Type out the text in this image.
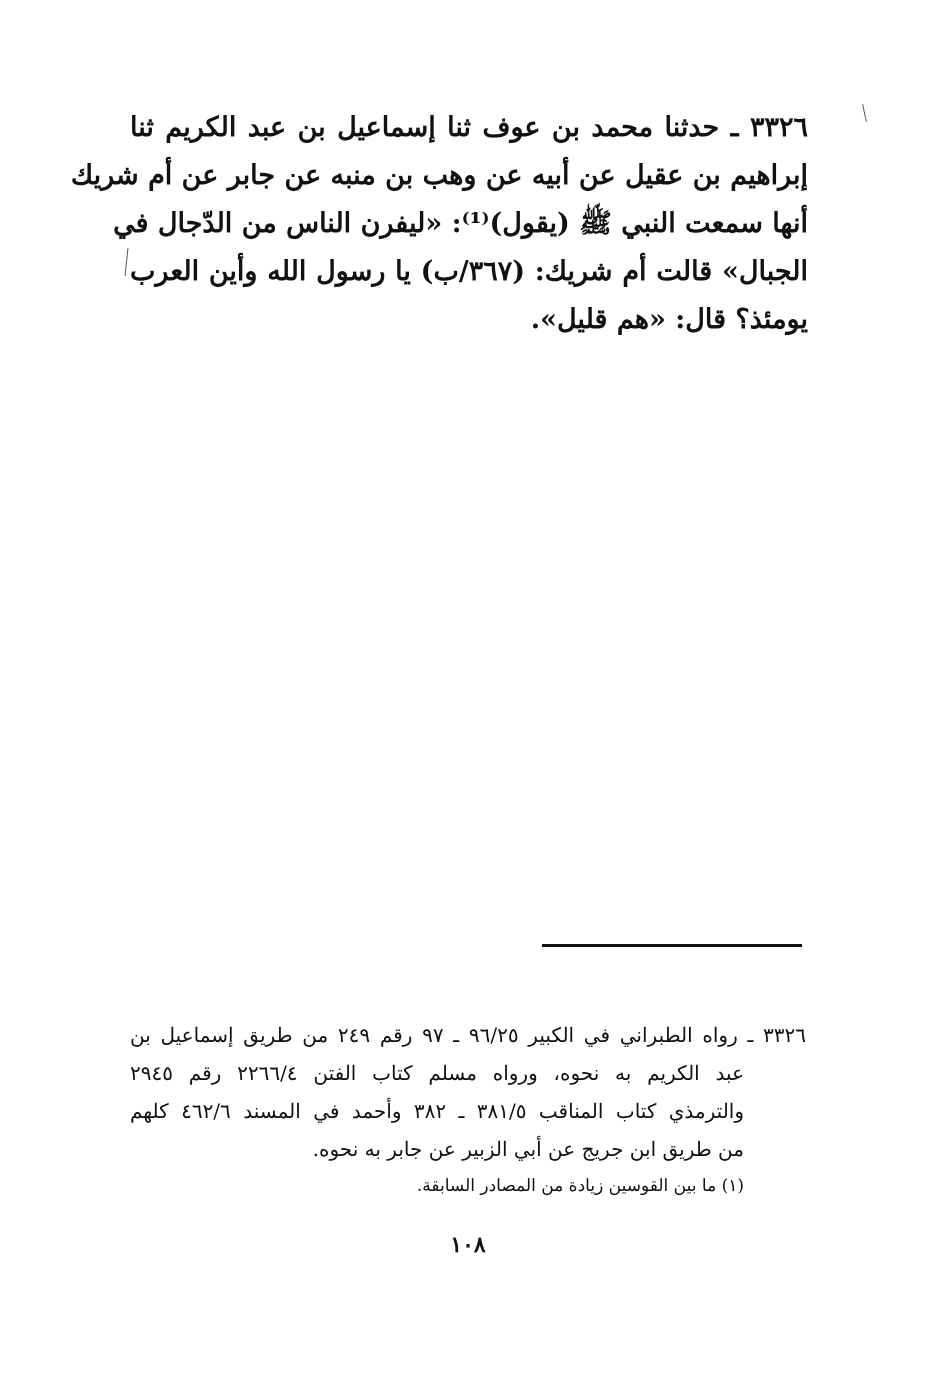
٣٣٢٦ ـ حدثنا محمد بن عوف ثنا إسماعيل بن عبد الكريم ثنا
إبراهيم بن عقيل عن أبيه عن وهب بن منبه عن جابر عن أم شريك
أنها سمعت النبي ﷺ (يقول)⁽¹⁾: «ليفرن الناس من الدّجال في
الجبال» قالت أم شريك: (٣٦٧/ب) يا رسول الله وأين العرب
يومئذ؟ قال: «هم قليل».
٣٣٢٦ ـ رواه الطبراني في الكبير ٩٦/٢٥ ـ ٩٧ رقم ٢٤٩ من طريق إسماعيل بن
عبد الكريم به نحوه، ورواه مسلم كتاب الفتن ٢٢٦٦/٤ رقم ٢٩٤٥
والترمذي كتاب المناقب ٣٨١/٥ ـ ٣٨٢ وأحمد في المسند ٤٦٢/٦ كلهم
من طريق ابن جريج عن أبي الزبير عن جابر به نحوه.
(١) ما بين القوسين زيادة من المصادر السابقة.
١٠٨
